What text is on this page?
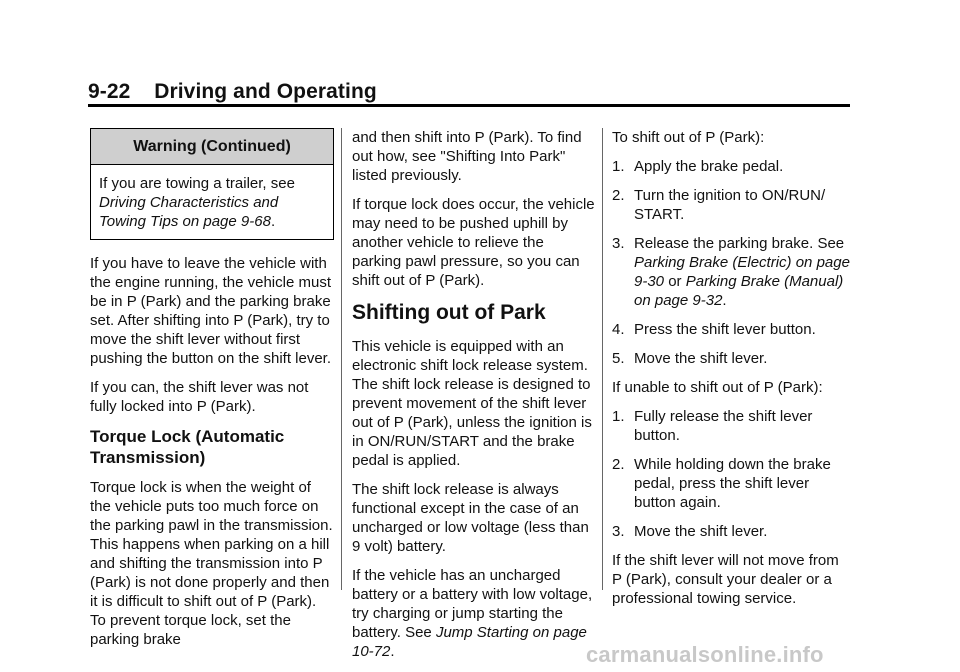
9-22 Driving and Operating
Warning (Continued)
If you are towing a trailer, see Driving Characteristics and Towing Tips on page 9-68.

If you have to leave the vehicle with the engine running, the vehicle must be in P (Park) and the parking brake set. After shifting into P (Park), try to move the shift lever without first pushing the button on the shift lever.

If you can, the shift lever was not fully locked into P (Park).

Torque Lock (Automatic Transmission)

Torque lock is when the weight of the vehicle puts too much force on the parking pawl in the transmission. This happens when parking on a hill and shifting the transmission into P (Park) is not done properly and then it is difficult to shift out of P (Park). To prevent torque lock, set the parking brake

and then shift into P (Park). To find out how, see "Shifting Into Park" listed previously.

If torque lock does occur, the vehicle may need to be pushed uphill by another vehicle to relieve the parking pawl pressure, so you can shift out of P (Park).

Shifting out of Park

This vehicle is equipped with an electronic shift lock release system. The shift lock release is designed to prevent movement of the shift lever out of P (Park), unless the ignition is in ON/RUN/START and the brake pedal is applied.

The shift lock release is always functional except in the case of an uncharged or low voltage (less than 9 volt) battery.

If the vehicle has an uncharged battery or a battery with low voltage, try charging or jump starting the battery. See Jump Starting on page 10-72.

To shift out of P (Park):

1. Apply the brake pedal.
2. Turn the ignition to ON/RUN/ START.
3. Release the parking brake. See Parking Brake (Electric) on page 9-30 or Parking Brake (Manual) on page 9-32.
4. Press the shift lever button.
5. Move the shift lever.

If unable to shift out of P (Park):

1. Fully release the shift lever button.
2. While holding down the brake pedal, press the shift lever button again.
3. Move the shift lever.

If the shift lever will not move from P (Park), consult your dealer or a professional towing service.

carmanualsonline.info
